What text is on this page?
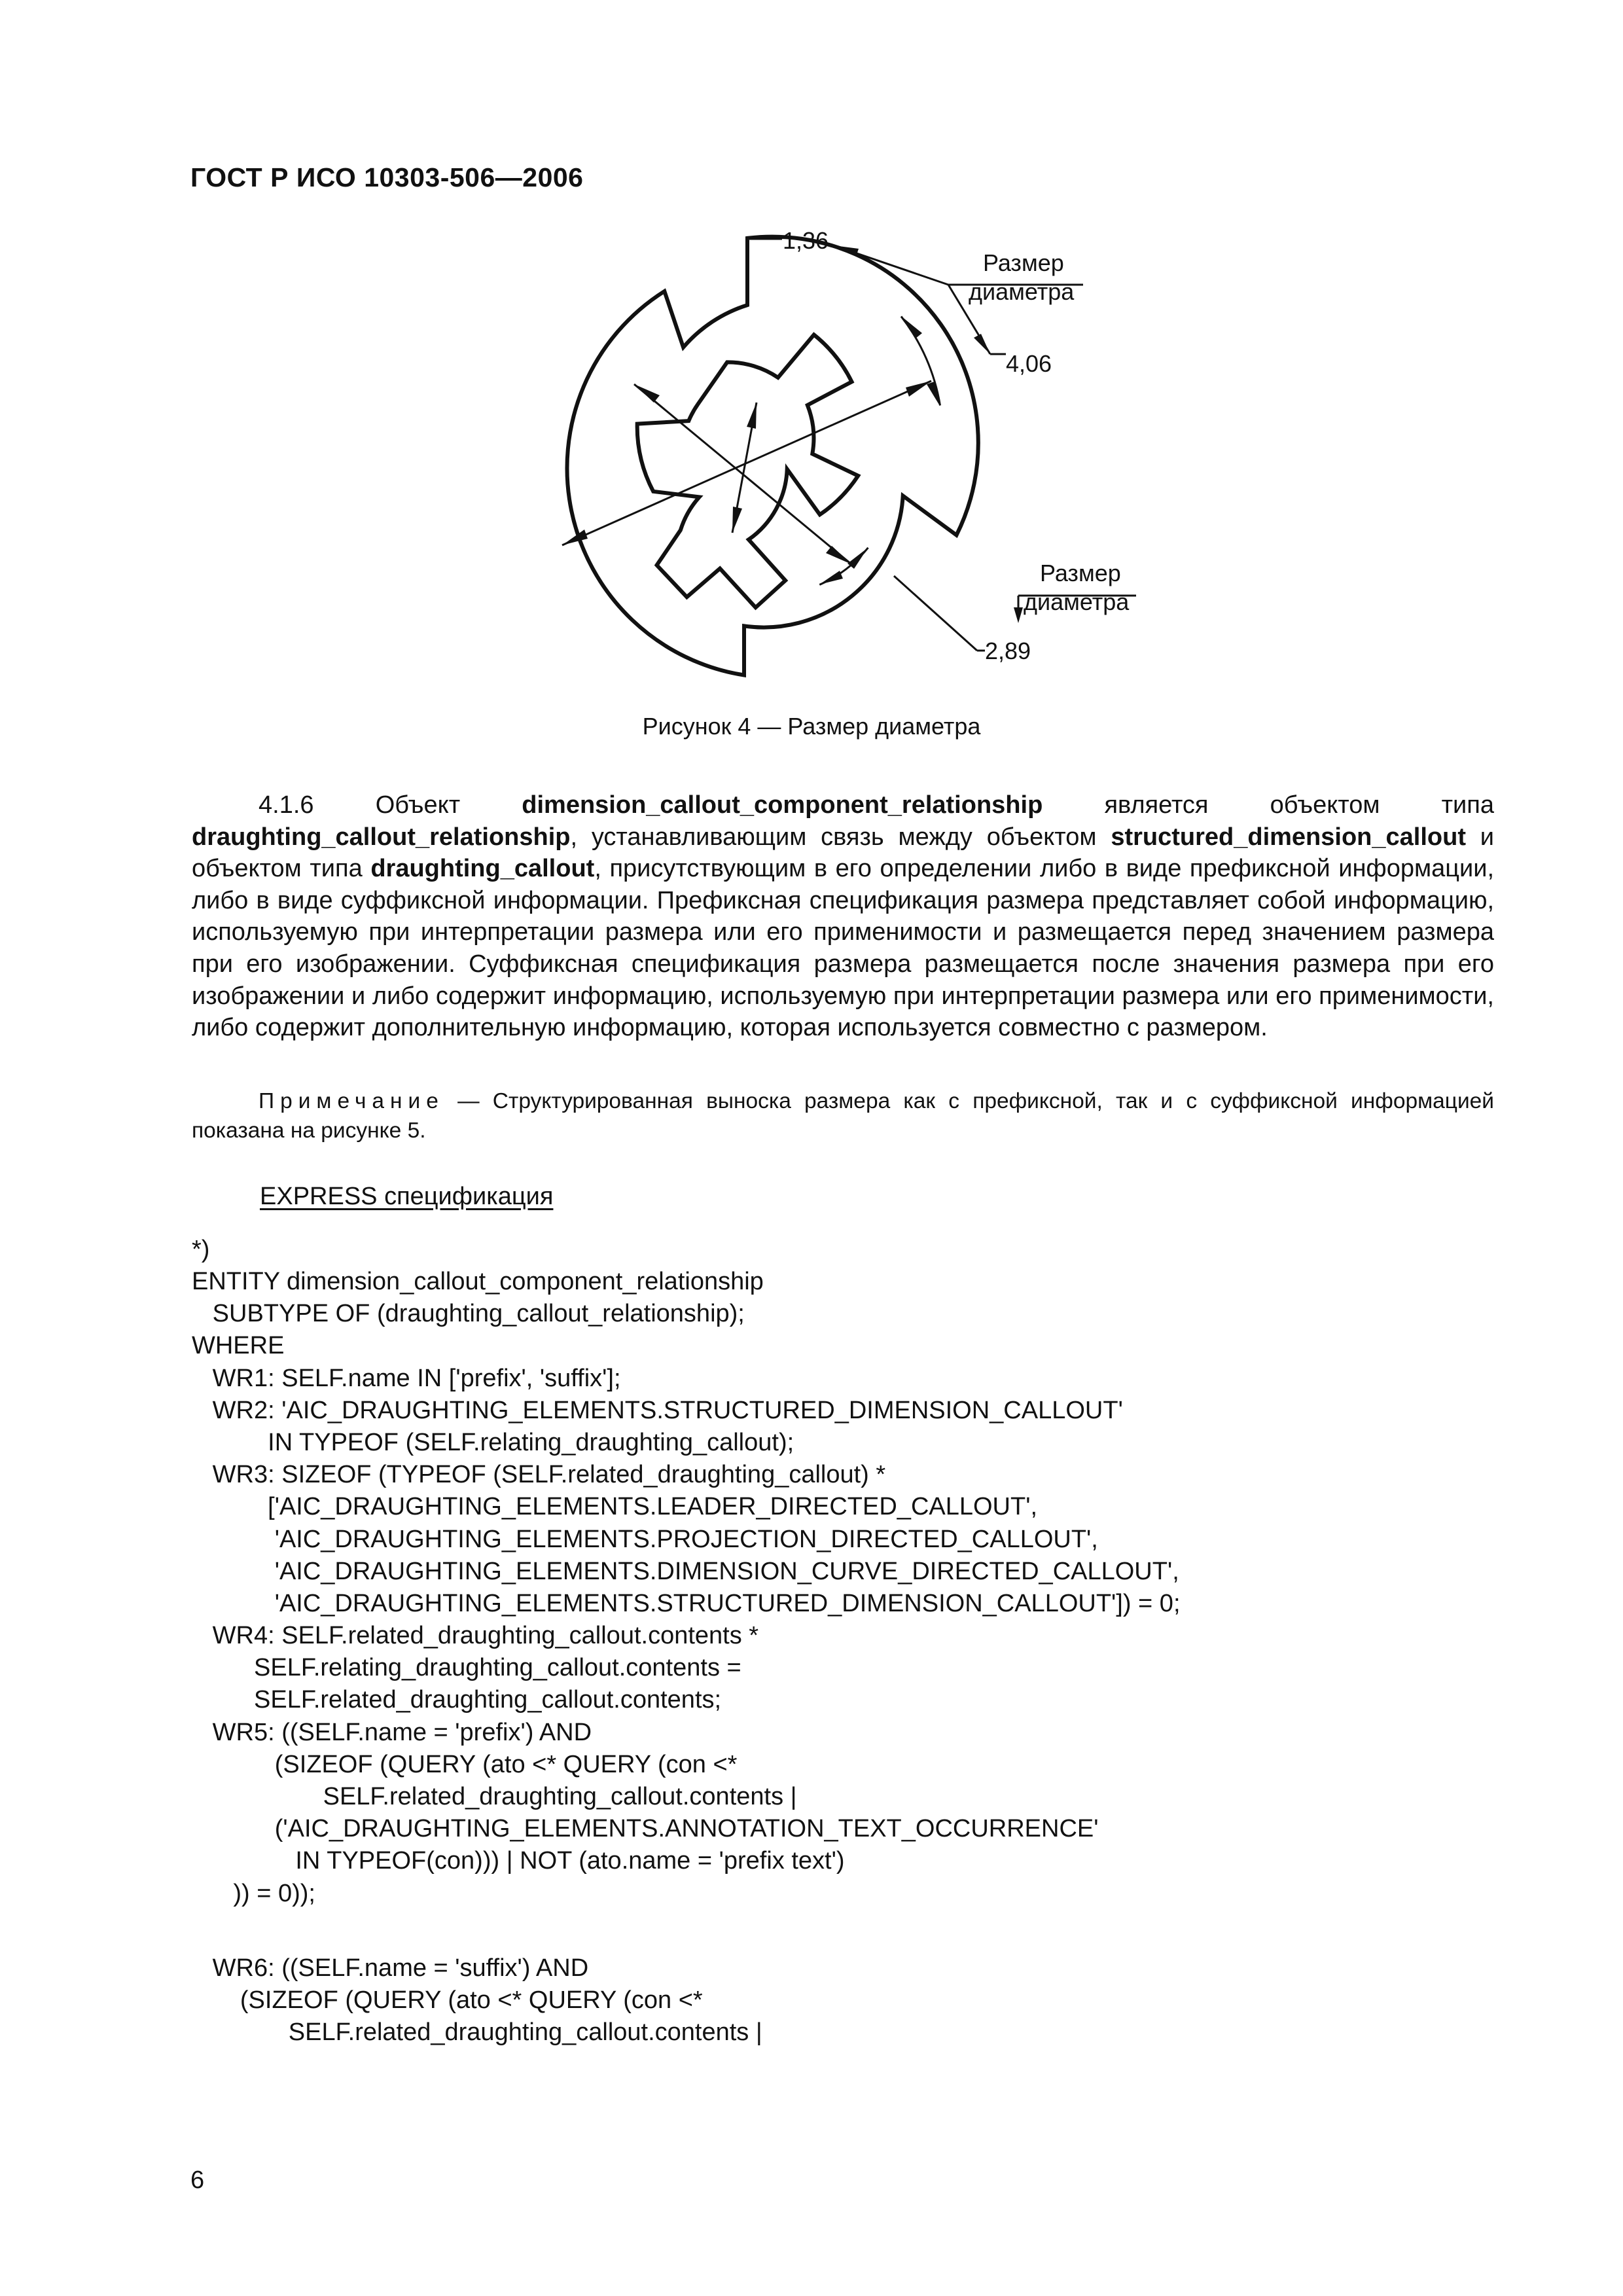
ГОСТ Р ИСО 10303-506—2006
1,36
4,06
2,89
Размер
диаметра
Размер
диаметра
Рисунок 4 — Размер диаметра
4.1.6 Объект dimension_callout_component_relationship является объектом типа draughting_callout_relationship, устанавливающим связь между объектом structured_dimension_callout и объектом типа draughting_callout, присутствующим в его определении либо в виде префиксной информации, либо в виде суффиксной информации. Префиксная спецификация размера представляет собой информацию, используемую при интерпретации размера или его применимости и размещается перед значением размера при его изображении. Суффиксная спецификация размера размещается после значения размера при его изображении и либо содержит информацию, используемую при интерпретации размера или его применимости, либо содержит дополнительную информацию, которая используется совместно с размером.
Примечание — Структурированная выноска размера как с префиксной, так и с суффиксной информацией показана на рисунке 5.
EXPRESS спецификация
*)
ENTITY dimension_callout_component_relationship
SUBTYPE OF (draughting_callout_relationship);
WHERE
WR1: SELF.name IN ['prefix', 'suffix'];
WR2: 'AIC_DRAUGHTING_ELEMENTS.STRUCTURED_DIMENSION_CALLOUT'
IN TYPEOF (SELF.relating_draughting_callout);
WR3: SIZEOF (TYPEOF (SELF.related_draughting_callout) *
['AIC_DRAUGHTING_ELEMENTS.LEADER_DIRECTED_CALLOUT',
'AIC_DRAUGHTING_ELEMENTS.PROJECTION_DIRECTED_CALLOUT',
'AIC_DRAUGHTING_ELEMENTS.DIMENSION_CURVE_DIRECTED_CALLOUT',
'AIC_DRAUGHTING_ELEMENTS.STRUCTURED_DIMENSION_CALLOUT']) = 0;
WR4: SELF.related_draughting_callout.contents *
SELF.relating_draughting_callout.contents =
SELF.related_draughting_callout.contents;
WR5: ((SELF.name = 'prefix') AND
(SIZEOF (QUERY (ato <* QUERY (con <*
SELF.related_draughting_callout.contents |
('AIC_DRAUGHTING_ELEMENTS.ANNOTATION_TEXT_OCCURRENCE'
IN TYPEOF(con))) | NOT (ato.name = 'prefix text')
)) = 0));
WR6: ((SELF.name = 'suffix') AND
(SIZEOF (QUERY (ato <* QUERY (con <*
SELF.related_draughting_callout.contents |
6
